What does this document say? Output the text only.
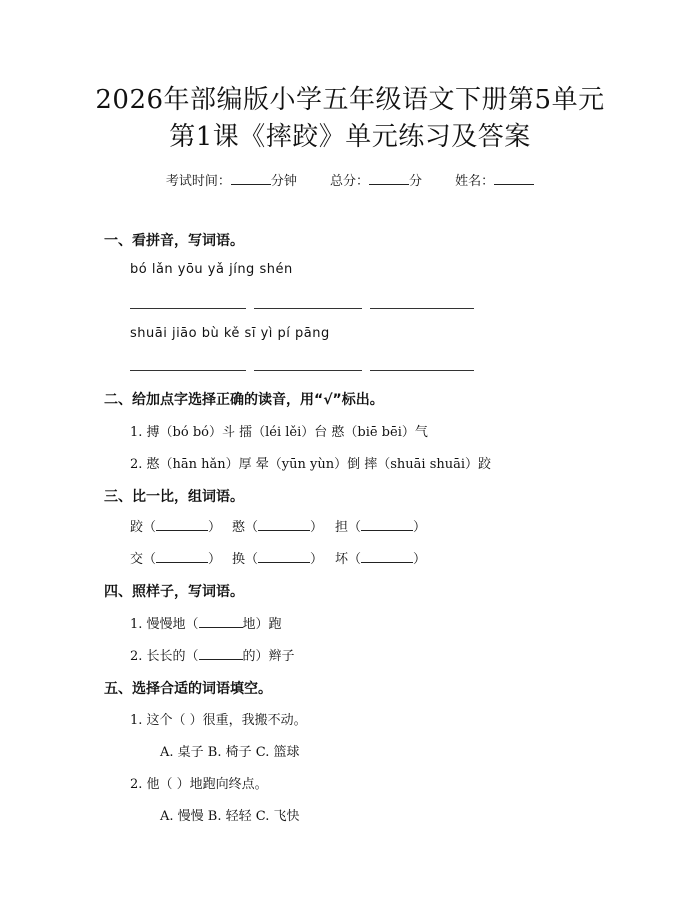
2026年部编版小学五年级语文下册第5单元
第1课《摔跤》单元练习及答案
考试时间：	分钟	总分：	分	姓名：
一、看拼音，写词语。
bó lǎn yōu yǎ jíng shén
shuāi jiāo bù kě sī yì pí pāng
二、给加点字选择正确的读音，用“√”标出。
1. 搏（bó bó）斗 擂（léi lěi）台 憨（biē bēi）气
2. 憨（hān hǎn）厚 晕（yūn yùn）倒 摔（shuāi shuāi）跤
三、比一比，组词语。
跤（	） 憨（	） 担（	）
交（	） 换（	） 坏（	）
四、照样子，写词语。
1. 慢慢地（	地）跑
2. 长长的（	的）辫子
五、选择合适的词语填空。
1. 这个（ ）很重，我搬不动。
A. 桌子 B. 椅子 C. 篮球
2. 他（ ）地跑向终点。
A. 慢慢 B. 轻轻 C. 飞快
